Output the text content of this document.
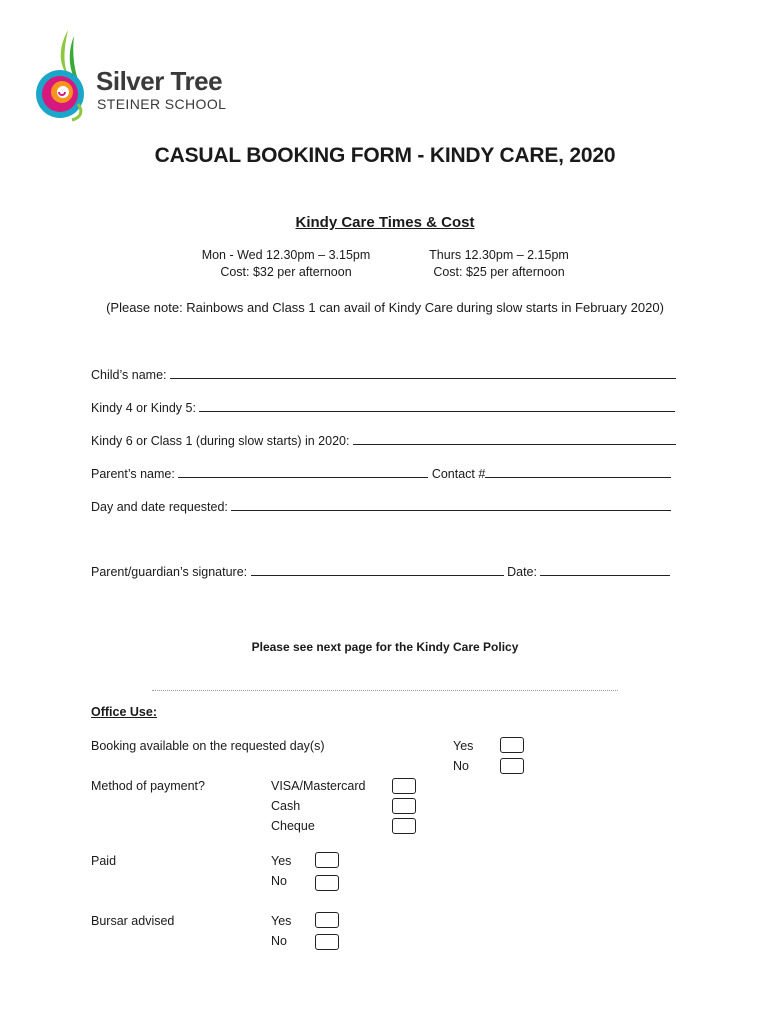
Silver Tree
STEINER SCHOOL
CASUAL BOOKING FORM - KINDY CARE, 2020
Kindy Care Times & Cost
Mon - Wed 12.30pm – 3.15pm
Cost: $32 per afternoon
Thurs 12.30pm – 2.15pm
Cost: $25 per afternoon
(Please note: Rainbows and Class 1 can avail of Kindy Care during slow starts in February 2020)
Child’s name:
Kindy 4 or Kindy 5:
Kindy 6 or Class 1 (during slow starts) in 2020:
Parent’s name:	Contact #
Day and date requested:
Parent/guardian’s signature:	Date:
Please see next page for the Kindy Care Policy
Office Use:
Booking available on the requested day(s)	Yes
No
Method of payment?	VISA/Mastercard
Cash
Cheque
Paid	Yes
No
Bursar advised	Yes
No
